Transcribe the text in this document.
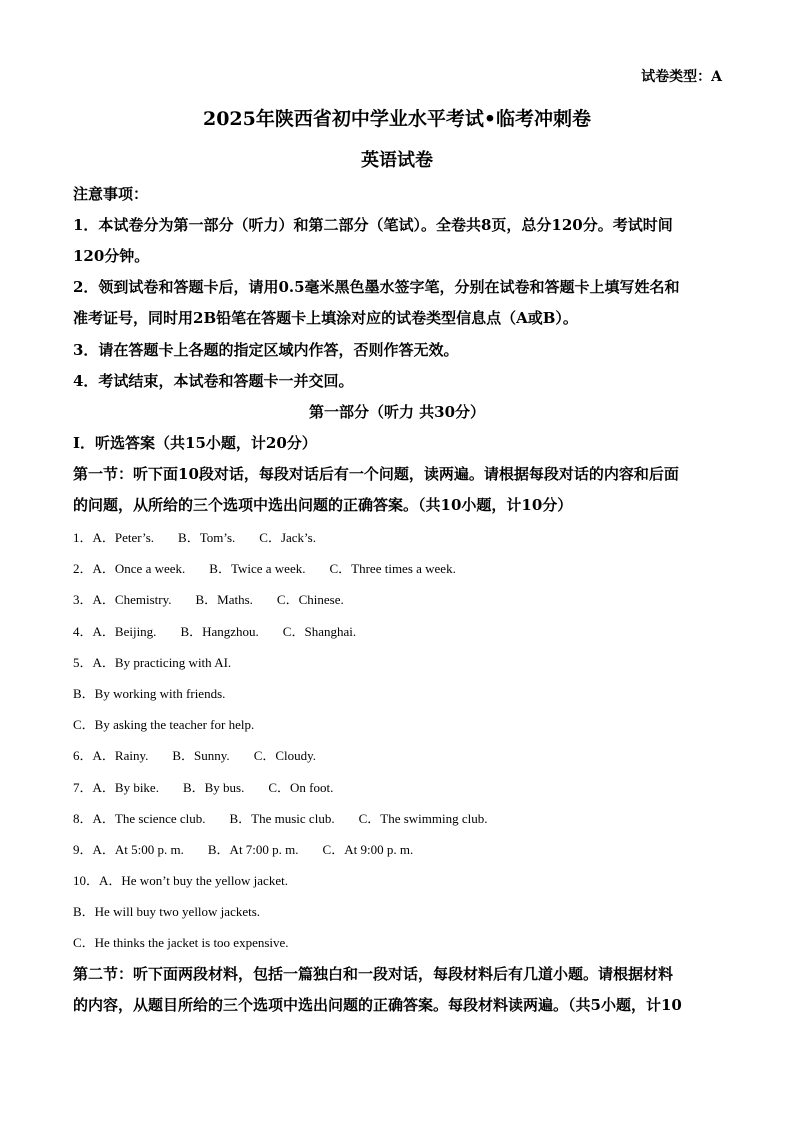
试卷类型：A
2025年陕西省初中学业水平考试•临考冲刺卷
英语试卷
注意事项：
1．本试卷分为第一部分（听力）和第二部分（笔试）。全卷共8页，总分120分。考试时间
120分钟。
2．领到试卷和答题卡后，请用0.5毫米黑色墨水签字笔，分别在试卷和答题卡上填写姓名和
准考证号，同时用2B铅笔在答题卡上填涂对应的试卷类型信息点（A或B）。
3．请在答题卡上各题的指定区域内作答，否则作答无效。
4．考试结束，本试卷和答题卡一并交回。
第一部分（听力 共30分）
Ⅰ．听选答案（共15小题，计20分）
第一节：听下面10段对话，每段对话后有一个问题，读两遍。请根据每段对话的内容和后面
的问题，从所给的三个选项中选出问题的正确答案。（共10小题，计10分）
1．A．Peter’s. B．Tom’s. C．Jack’s.
2．A．Once a week. B．Twice a week. C．Three times a week.
3．A．Chemistry. B．Maths. C．Chinese.
4．A．Beijing. B．Hangzhou. C．Shanghai.
5．A．By practicing with AI.
B．By working with friends.
C．By asking the teacher for help.
6．A．Rainy. B．Sunny. C．Cloudy.
7．A．By bike. B．By bus. C．On foot.
8．A．The science club. B．The music club. C．The swimming club.
9．A．At 5:00 p. m. B．At 7:00 p. m. C．At 9:00 p. m.
10．A．He won’t buy the yellow jacket.
B．He will buy two yellow jackets.
C．He thinks the jacket is too expensive.
第二节：听下面两段材料，包括一篇独白和一段对话，每段材料后有几道小题。请根据材料
的内容，从题目所给的三个选项中选出问题的正确答案。每段材料读两遍。（共5小题，计10
